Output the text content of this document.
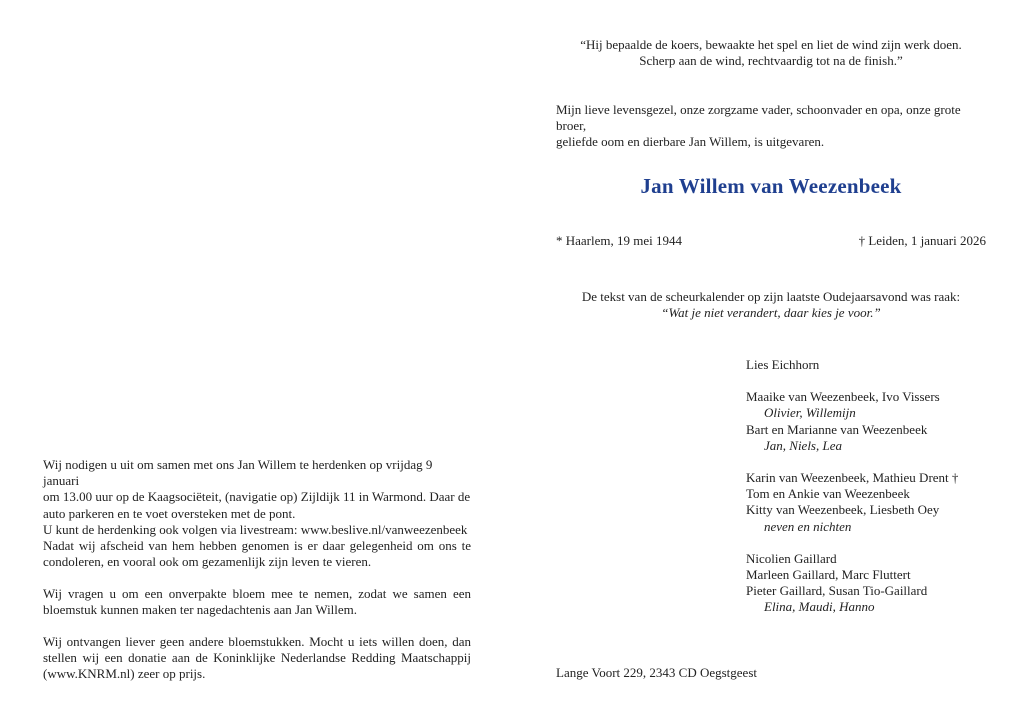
“Hij bepaalde de koers, bewaakte het spel en liet de wind zijn werk doen.

Scherp aan de wind, rechtvaardig tot na de finish.”

Mijn lieve levensgezel, onze zorgzame vader, schoonvader en opa, onze grote broer,

geliefde oom en dierbare Jan Willem, is uitgevaren.

Jan Willem van Weezenbeek
* Haarlem, 19 mei 1944	† Leiden, 1 januari 2026

De tekst van de scheurkalender op zijn laatste Oudejaarsavond was raak:

“Wat je niet verandert, daar kies je voor.”

Lies Eichhorn
Maaike van Weezenbeek, Ivo Vissers
Olivier, Willemijn
Bart en Marianne van Weezenbeek
Jan, Niels, Lea
Karin van Weezenbeek, Mathieu Drent †
Tom en Ankie van Weezenbeek
Kitty van Weezenbeek, Liesbeth Oey
neven en nichten
Nicolien Gaillard
Marleen Gaillard, Marc Fluttert
Pieter Gaillard, Susan Tio-Gaillard
Elina, Maudi, Hanno

Lange Voort 229, 2343 CD Oegstgeest

Wij nodigen u uit om samen met ons Jan Willem te herdenken op vrijdag 9 januari

om 13.00 uur op de Kaagsociëteit, (navigatie op) Zijldijk 11 in Warmond. Daar de

auto parkeren en te voet oversteken met de pont.

U kunt de herdenking ook volgen via livestream: www.beslive.nl/vanweezenbeek

Nadat wij afscheid van hem hebben genomen is er daar gelegenheid om ons te condoleren, en vooral ook om gezamenlijk zijn leven te vieren.

Wij vragen u om een onverpakte bloem mee te nemen, zodat we samen een bloemstuk kunnen maken ter nagedachtenis aan Jan Willem.

Wij ontvangen liever geen andere bloemstukken. Mocht u iets willen doen, dan stellen wij een donatie aan de Koninklijke Nederlandse Redding Maatschappij (www.KNRM.nl) zeer op prijs.
